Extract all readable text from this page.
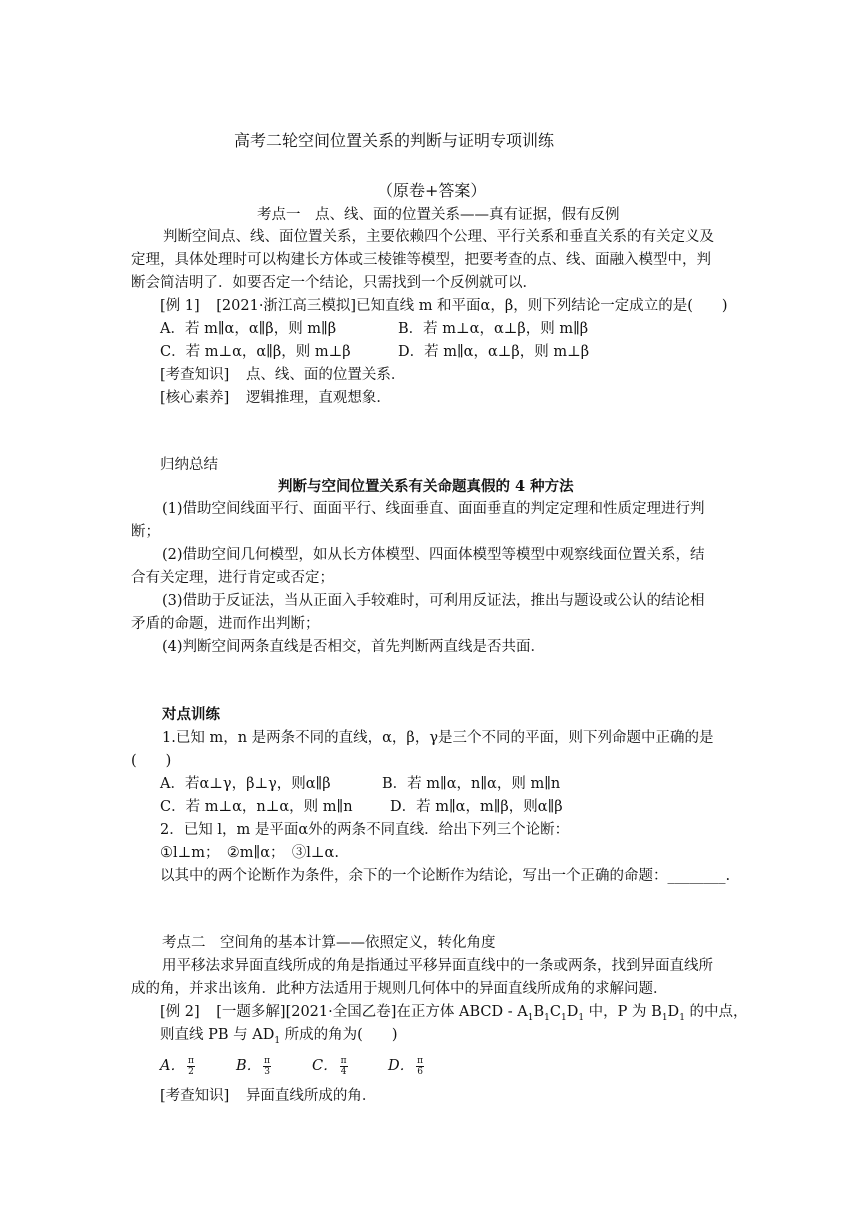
高考二轮空间位置关系的判断与证明专项训练
（原卷+答案）
考点一　点、线、面的位置关系——真有证据，假有反例
判断空间点、线、面位置关系，主要依赖四个公理、平行关系和垂直关系的有关定义及
定理，具体处理时可以构建长方体或三棱锥等模型，把要考查的点、线、面融入模型中，判
断会简洁明了．如要否定一个结论，只需找到一个反例就可以．
[例 1] [2021·浙江高三模拟]已知直线 m 和平面α，β，则下列结论一定成立的是(　　)
A．若 m∥α，α∥β，则 m∥β	B．若 m⊥α，α⊥β，则 m∥β
C．若 m⊥α，α∥β，则 m⊥β	D．若 m∥α，α⊥β，则 m⊥β
[考查知识] 点、线、面的位置关系．
[核心素养] 逻辑推理，直观想象．
归纳总结
判断与空间位置关系有关命题真假的 4 种方法
(1)借助空间线面平行、面面平行、线面垂直、面面垂直的判定定理和性质定理进行判
断；
(2)借助空间几何模型，如从长方体模型、四面体模型等模型中观察线面位置关系，结
合有关定理，进行肯定或否定；
(3)借助于反证法，当从正面入手较难时，可利用反证法，推出与题设或公认的结论相
矛盾的命题，进而作出判断；
(4)判断空间两条直线是否相交，首先判断两直线是否共面．
对点训练
1.已知 m，n 是两条不同的直线，α，β，γ是三个不同的平面，则下列命题中正确的是
(　　)
A．若α⊥γ，β⊥γ，则α∥β	B．若 m∥α，n∥α，则 m∥n
C．若 m⊥α，n⊥α，则 m∥n	D．若 m∥α，m∥β，则α∥β
2．已知 l，m 是平面α外的两条不同直线．给出下列三个论断：
①l⊥m；　②m∥α；　③l⊥α.
以其中的两个论断作为条件，余下的一个论断作为结论，写出一个正确的命题：________.
考点二　空间角的基本计算——依照定义，转化角度
用平移法求异面直线所成的角是指通过平移异面直线中的一条或两条，找到异面直线所
成的角，并求出该角．此种方法适用于规则几何体中的异面直线所成角的求解问题．
[例 2] [一题多解][2021·全国乙卷]在正方体 ABCD - $A_1B_1C_1D_1$ 中，P 为 $B_1D_1$ 的中点，
则直线 PB 与 $AD_1$ 所成的角为(　　)
A． $\frac{\pi}{2}$	B． $\frac{\pi}{3}$	C． $\frac{\pi}{4}$	D． $\frac{\pi}{6}$
[考查知识] 异面直线所成的角．
